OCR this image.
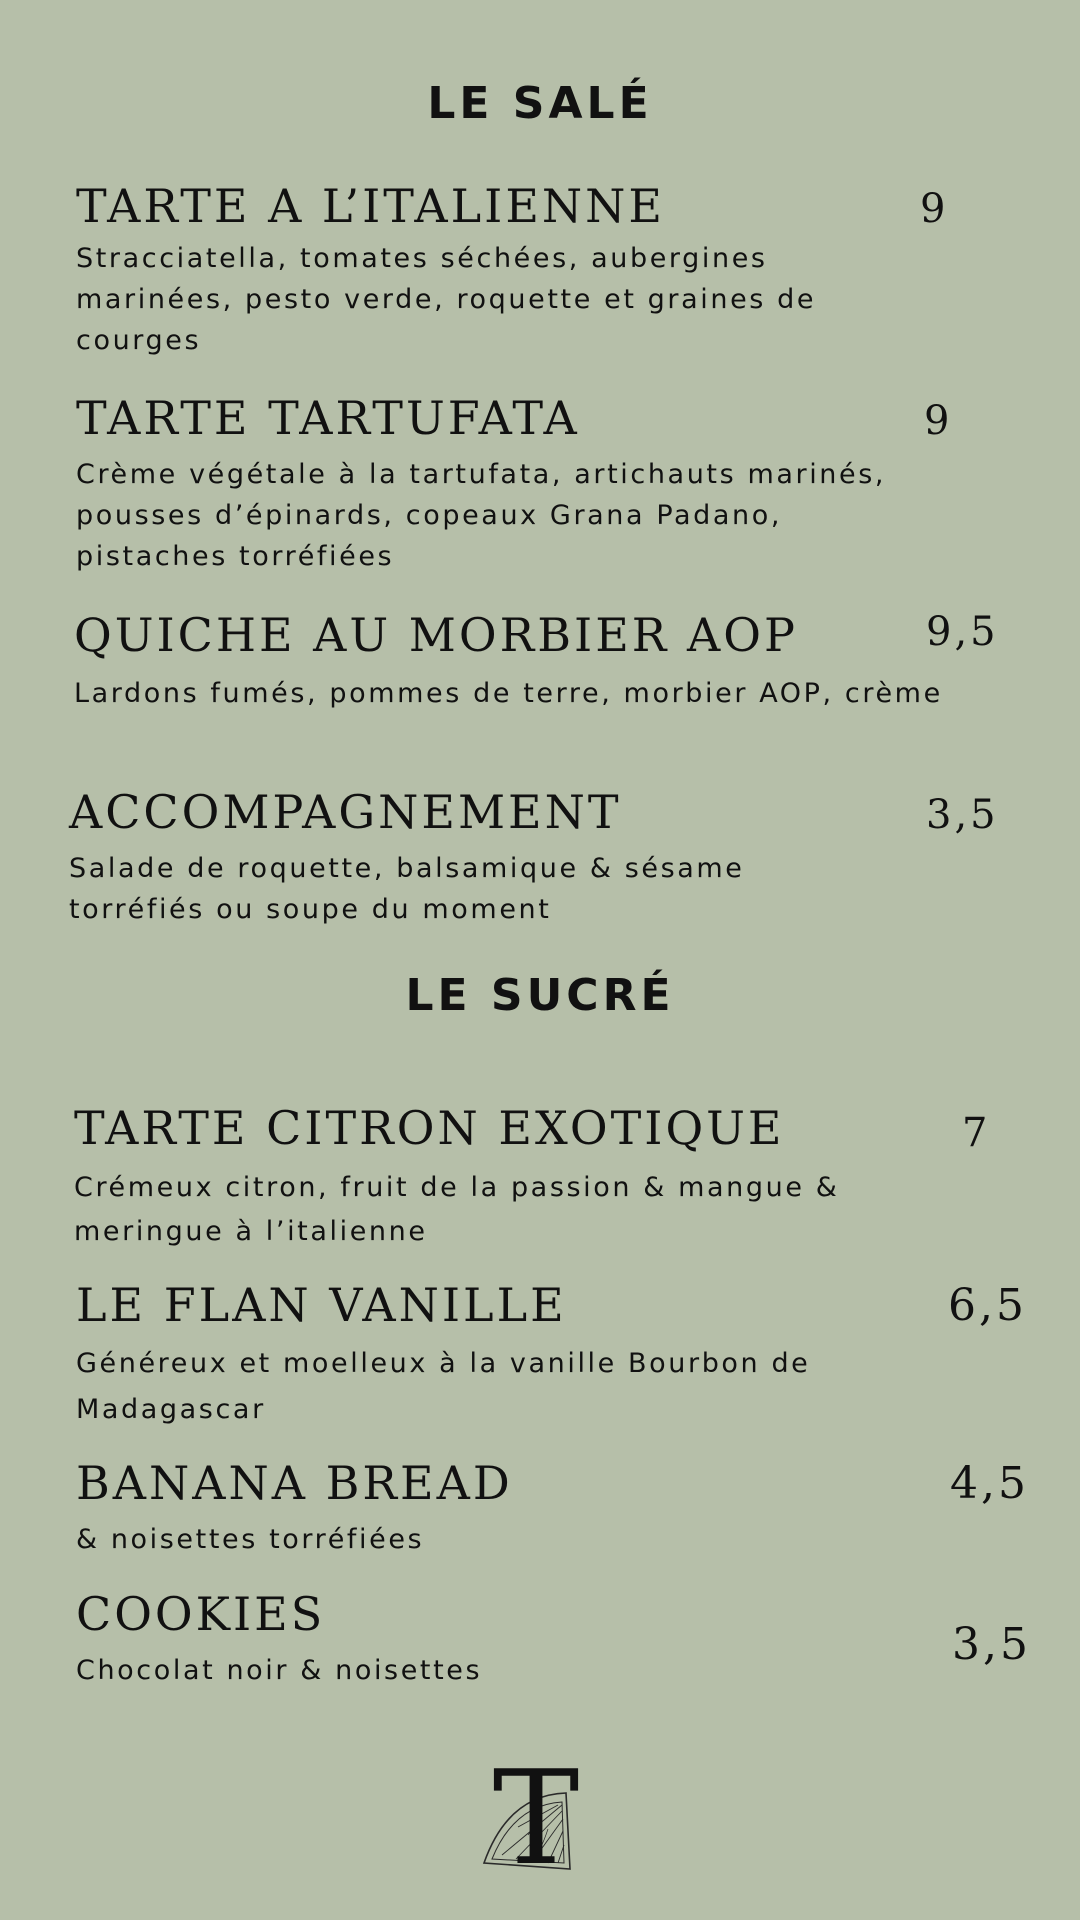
LE SALÉ
TARTE A L’ITALIENNE	9

Stracciatella, tomates séchées, aubergines marinées, pesto verde, roquette et graines de courges

TARTE TARTUFATA	9

Crème végétale à la tartufata, artichauts marinés, pousses d’épinards, copeaux Grana Padano, pistaches torréfiées

QUICHE AU MORBIER AOP	9,5

Lardons fumés, pommes de terre, morbier AOP, crème

ACCOMPAGNEMENT	3,5

Salade de roquette, balsamique & sésame torréfiés ou soupe du moment

LE SUCRÉ
TARTE CITRON EXOTIQUE	7

Crémeux citron, fruit de la passion & mangue & meringue à l’italienne

LE FLAN VANILLE	6,5

Généreux et moelleux à la vanille Bourbon de Madagascar

BANANA BREAD	4,5

& noisettes torréfiées

COOKIES
3,5

Chocolat noir & noisettes

T
